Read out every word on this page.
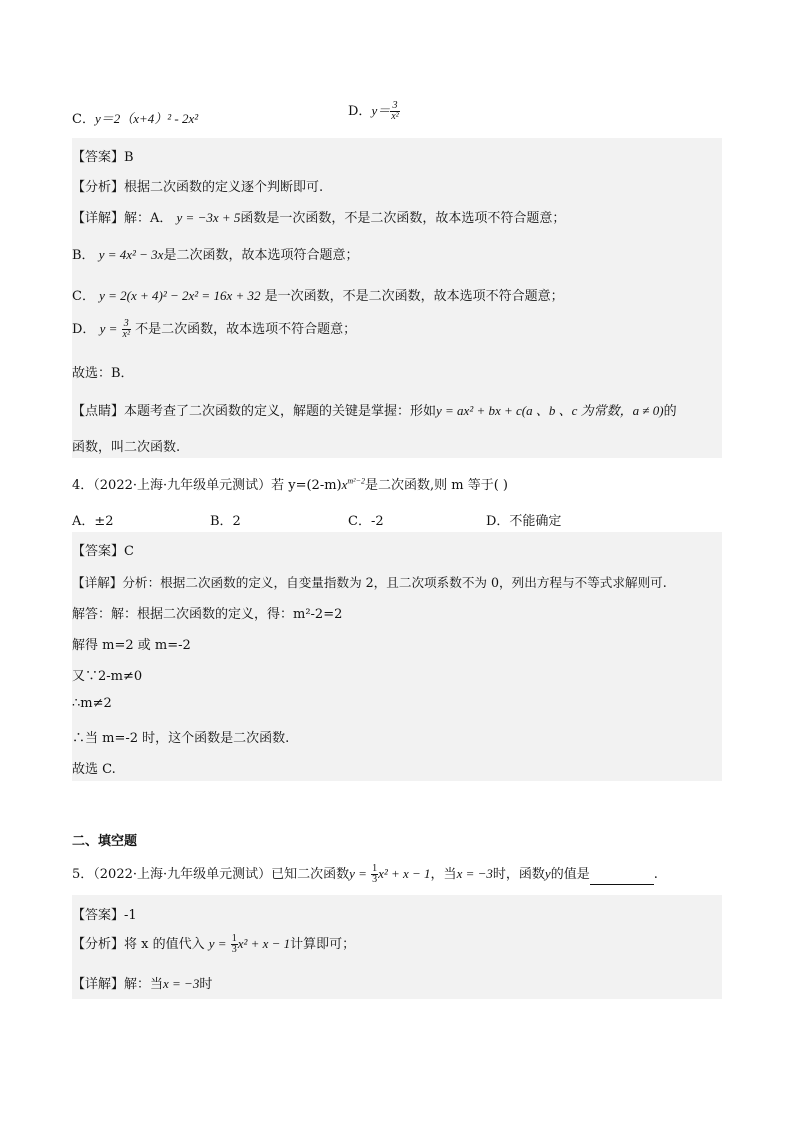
C．y＝2（x+4）² - 2x²	D．$y= \frac{3}{\text{x²}}$
【答案】B
【分析】根据二次函数的定义逐个判断即可.
【详解】解：A． y = −3x + 5函数是一次函数，不是二次函数，故本选项不符合题意；
B． y = 4x² − 3x是二次函数，故本选项符合题意；
C． y = 2(x + 4)² − 2x² = 16x + 32 是一次函数，不是二次函数，故本选项不符合题意；
D． $y = \frac{3}{\text{x²}}$ 不是二次函数，故本选项不符合题意；
故选：B．
【点睛】本题考查了二次函数的定义，解题的关键是掌握：形如y = ax² + bx + c(a 、b 、c 为常数，a ≠ 0)的
函数，叫二次函数.
4．（2022·上海·九年级单元测试）若 $y=(2-m)x^{m^2-2}$是二次函数,则 m 等于( )
A．±2	B．2	C．-2	D．不能确定
【答案】C
【详解】分析：根据二次函数的定义，自变量指数为 2，且二次项系数不为 0，列出方程与不等式求解则可.
解答：解：根据二次函数的定义，得：m²-2=2
解得 m=2 或 m=-2
又∵2-m≠0
∴m≠2
∴当 m=-2 时，这个函数是二次函数.
故选 C.
二、填空题
5．（2022·上海·九年级单元测试）已知二次函数$y = \frac{1}{3} x^2 + x - 1$，当x = −3时，函数y的值是	.
【答案】-1
【分析】将 x 的值代入 $y = \frac{1}{3} x^2 + x - 1$计算即可；
【详解】解：当x = −3时
